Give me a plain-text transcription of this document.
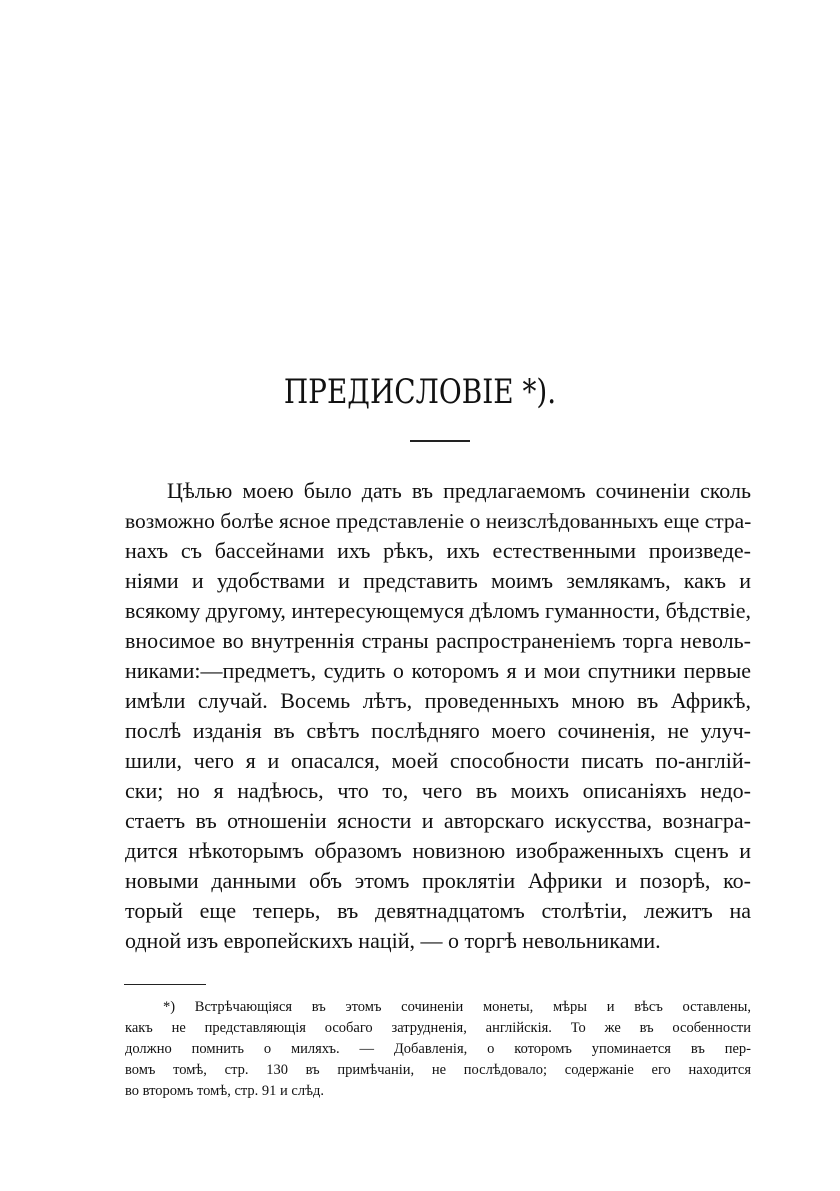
ПРЕДИСЛОВІЕ *).
Цѣлью моею было дать въ предлагаемомъ сочиненіи сколь
возможно болѣе ясное представленіе о неизслѣдованныхъ еще стра-
нахъ съ бассейнами ихъ рѣкъ, ихъ естественными произведе-
ніями и удобствами и представить моимъ землякамъ, какъ и
всякому другому, интересующемуся дѣломъ гуманности, бѣдствіе,
вносимое во внутреннія страны распространеніемъ торга неволь-
никами:—предметъ, судить о которомъ я и мои спутники первые
имѣли случай. Восемь лѣтъ, проведенныхъ мною въ Африкѣ,
послѣ изданія въ свѣтъ послѣдняго моего сочиненія, не улуч-
шили, чего я и опасался, моей способности писать по-англій-
ски; но я надѣюсь, что то, чего въ моихъ описаніяхъ недо-
стаетъ въ отношеніи ясности и авторскаго искусства, вознагра-
дится нѣкоторымъ образомъ новизною изображенныхъ сценъ и
новыми данными объ этомъ проклятіи Африки и позорѣ, ко-
торый еще теперь, въ девятнадцатомъ столѣтіи, лежитъ на
одной изъ европейскихъ націй, — о торгѣ невольниками.
*) Встрѣчающіяся въ этомъ сочиненіи монеты, мѣры и вѣсъ оставлены,
какъ не представляющія особаго затрудненія, англійскія. То же въ особенности
должно помнить о миляхъ. — Добавленія, о которомъ упоминается въ пер-
вомъ томѣ, стр. 130 въ примѣчаніи, не послѣдовало; содержаніе его находится
во второмъ томѣ, стр. 91 и слѣд.
